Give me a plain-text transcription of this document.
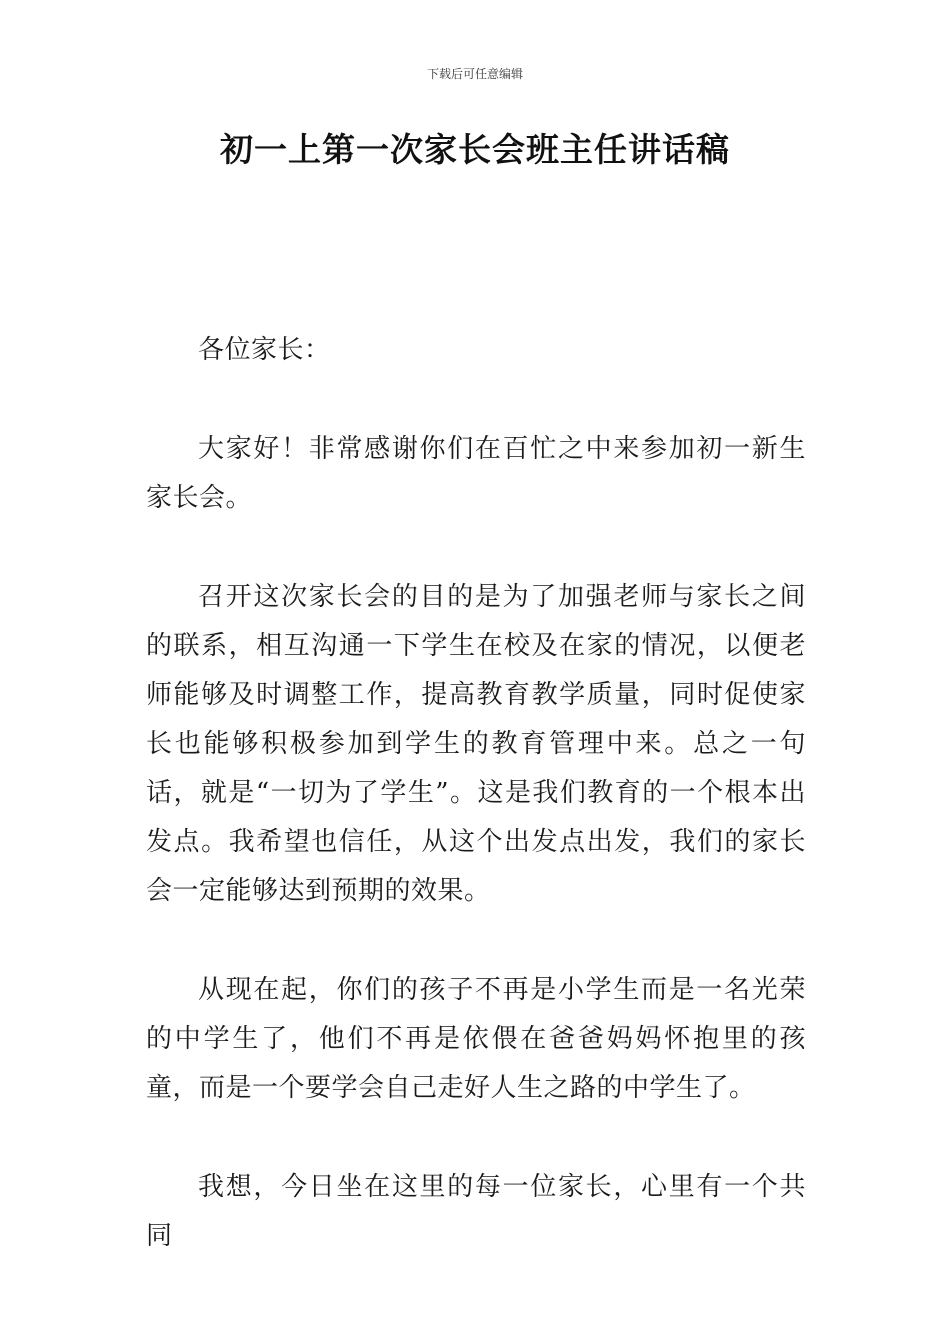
下载后可任意编辑
初一上第一次家长会班主任讲话稿

各位家长：

大家好！非常感谢你们在百忙之中来参加初一新生家长会。

召开这次家长会的目的是为了加强老师与家长之间的联系，相互沟通一下学生在校及在家的情况，以便老师能够及时调整工作，提高教育教学质量，同时促使家长也能够积极参加到学生的教育管理中来。总之一句话，就是“一切为了学生”。这是我们教育的一个根本出发点。我希望也信任，从这个出发点出发，我们的家长会一定能够达到预期的效果。

从现在起，你们的孩子不再是小学生而是一名光荣的中学生了，他们不再是依偎在爸爸妈妈怀抱里的孩童，而是一个要学会自己走好人生之路的中学生了。

我想，今日坐在这里的每一位家长，心里有一个共同
